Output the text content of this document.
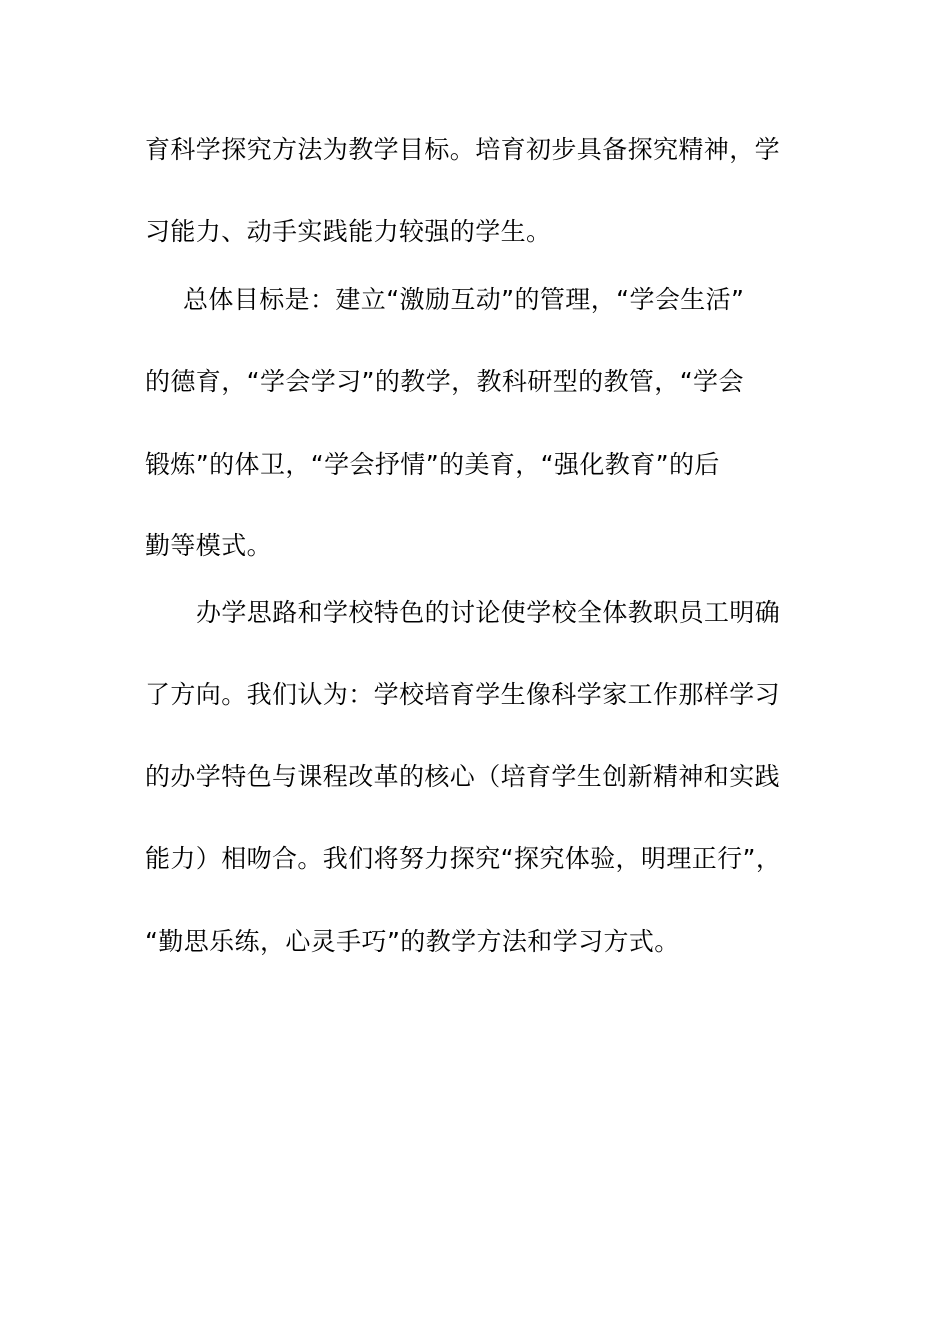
育科学探究方法为教学目标。培育初步具备探究精神，学
习能力、动手实践能力较强的学生。
总体目标是：建立“激励互动”的管理，“学会生活”
的德育，“学会学习”的教学，教科研型的教管，“学会
锻炼”的体卫，“学会抒情”的美育，“强化教育”的后
勤等模式。
办学思路和学校特色的讨论使学校全体教职员工明确
了方向。我们认为：学校培育学生像科学家工作那样学习
的办学特色与课程改革的核心（培育学生创新精神和实践
能力）相吻合。我们将努力探究“探究体验，明理正行”，
“勤思乐练，心灵手巧”的教学方法和学习方式。
